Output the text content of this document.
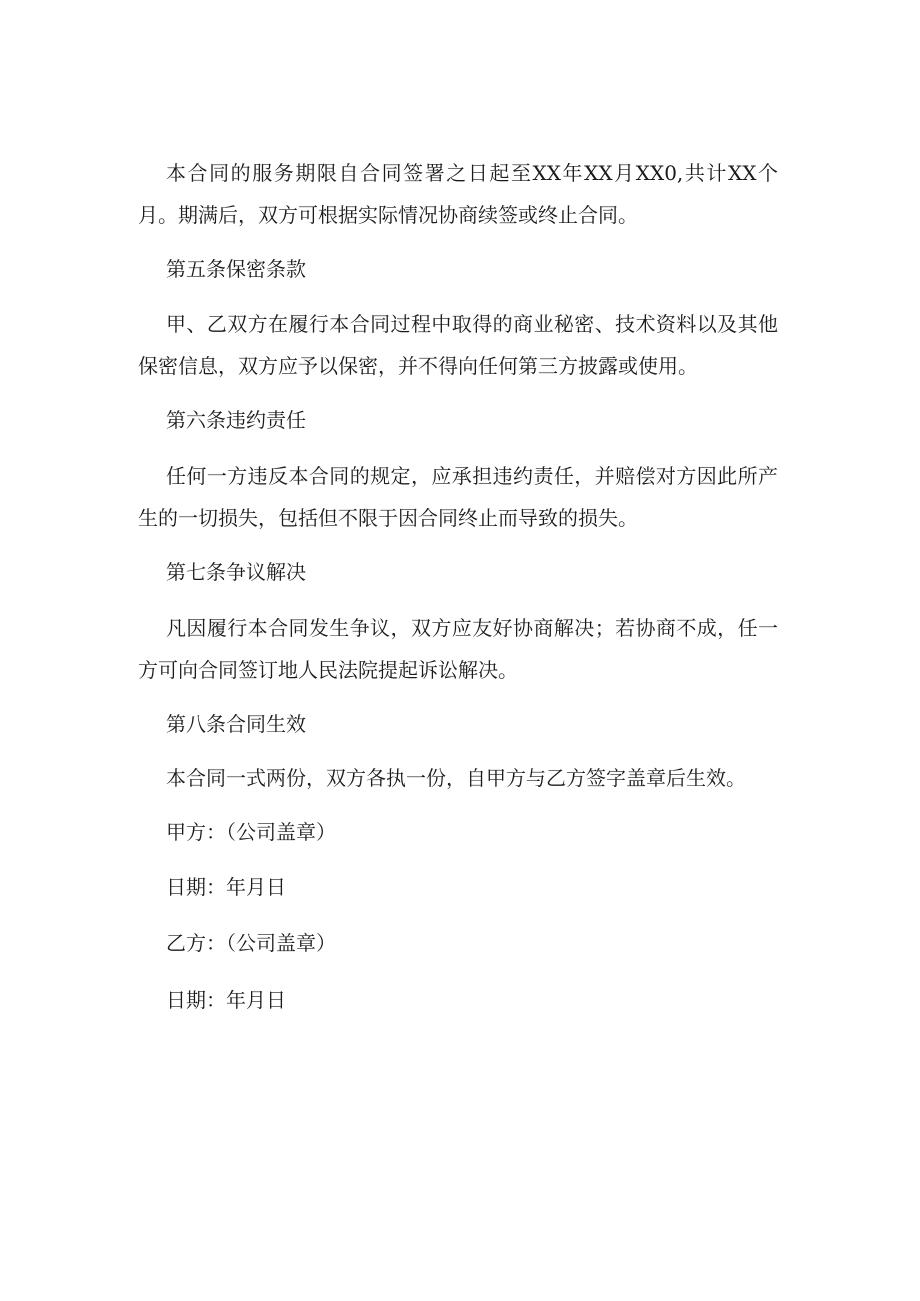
本合同的服务期限自合同签署之日起至XX年XX月XX0,共计XX个月。期满后，双方可根据实际情况协商续签或终止合同。

第五条保密条款

甲、乙双方在履行本合同过程中取得的商业秘密、技术资料以及其他保密信息，双方应予以保密，并不得向任何第三方披露或使用。

第六条违约责任

任何一方违反本合同的规定，应承担违约责任，并赔偿对方因此所产生的一切损失，包括但不限于因合同终止而导致的损失。

第七条争议解决

凡因履行本合同发生争议，双方应友好协商解决；若协商不成，任一方可向合同签订地人民法院提起诉讼解决。

第八条合同生效

本合同一式两份，双方各执一份，自甲方与乙方签字盖章后生效。

甲方：（公司盖章）

日期：年月日

乙方：（公司盖章）

日期：年月日
